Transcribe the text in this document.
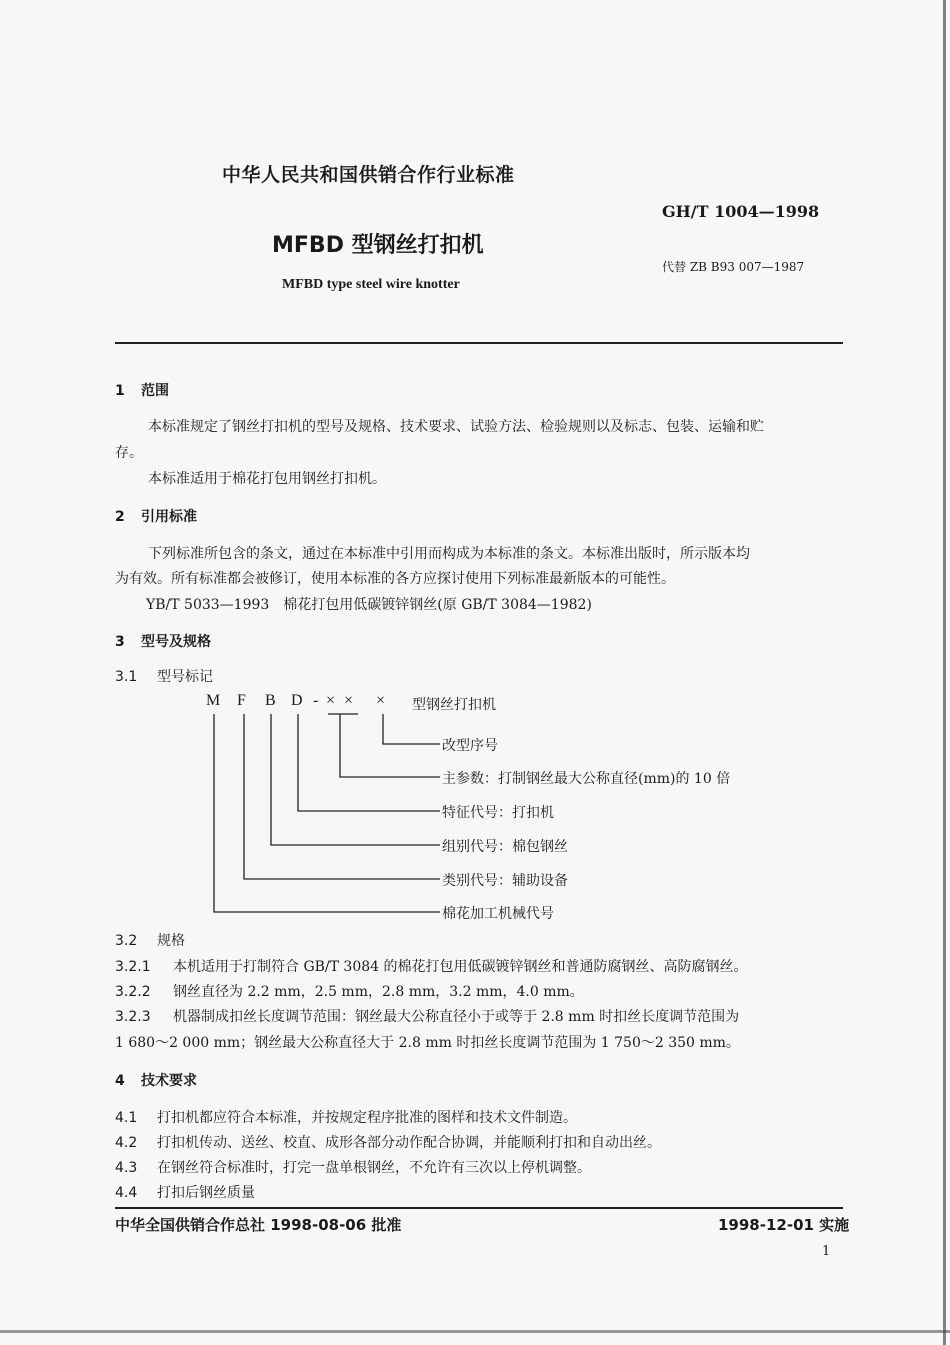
中华人民共和国供销合作行业标准
GH/T 1004—1998
MFBD 型钢丝打扣机
代替 ZB B93 007—1987
MFBD type steel wire knotter
1 范围
本标准规定了钢丝打扣机的型号及规格、技术要求、试验方法、检验规则以及标志、包装、运输和贮
存。
本标准适用于棉花打包用钢丝打扣机。
2 引用标准
下列标准所包含的条文，通过在本标准中引用而构成为本标准的条文。本标准出版时，所示版本均
为有效。所有标准都会被修订，使用本标准的各方应探讨使用下列标准最新版本的可能性。
YB/T 5033—1993　棉花打包用低碳镀锌钢丝(原 GB/T 3084—1982)
3 型号及规格
3.1 型号标记
M F B D - × × × 型钢丝打扣机
改型序号
主参数：打制钢丝最大公称直径(mm)的 10 倍
特征代号：打扣机
组别代号：棉包钢丝
类别代号：辅助设备
棉花加工机械代号
3.2 规格
3.2.1 本机适用于打制符合 GB/T 3084 的棉花打包用低碳镀锌钢丝和普通防腐钢丝、高防腐钢丝。
3.2.2 钢丝直径为 2.2 mm，2.5 mm，2.8 mm，3.2 mm，4.0 mm。
3.2.3 机器制成扣丝长度调节范围：钢丝最大公称直径小于或等于 2.8 mm 时扣丝长度调节范围为
1 680～2 000 mm；钢丝最大公称直径大于 2.8 mm 时扣丝长度调节范围为 1 750～2 350 mm。
4 技术要求
4.1 打扣机都应符合本标准，并按规定程序批准的图样和技术文件制造。
4.2 打扣机传动、送丝、校直、成形各部分动作配合协调，并能顺利打扣和自动出丝。
4.3 在钢丝符合标准时，打完一盘单根钢丝，不允许有三次以上停机调整。
4.4 打扣后钢丝质量
中华全国供销合作总社 1998-08-06 批准	1998-12-01 实施
1
